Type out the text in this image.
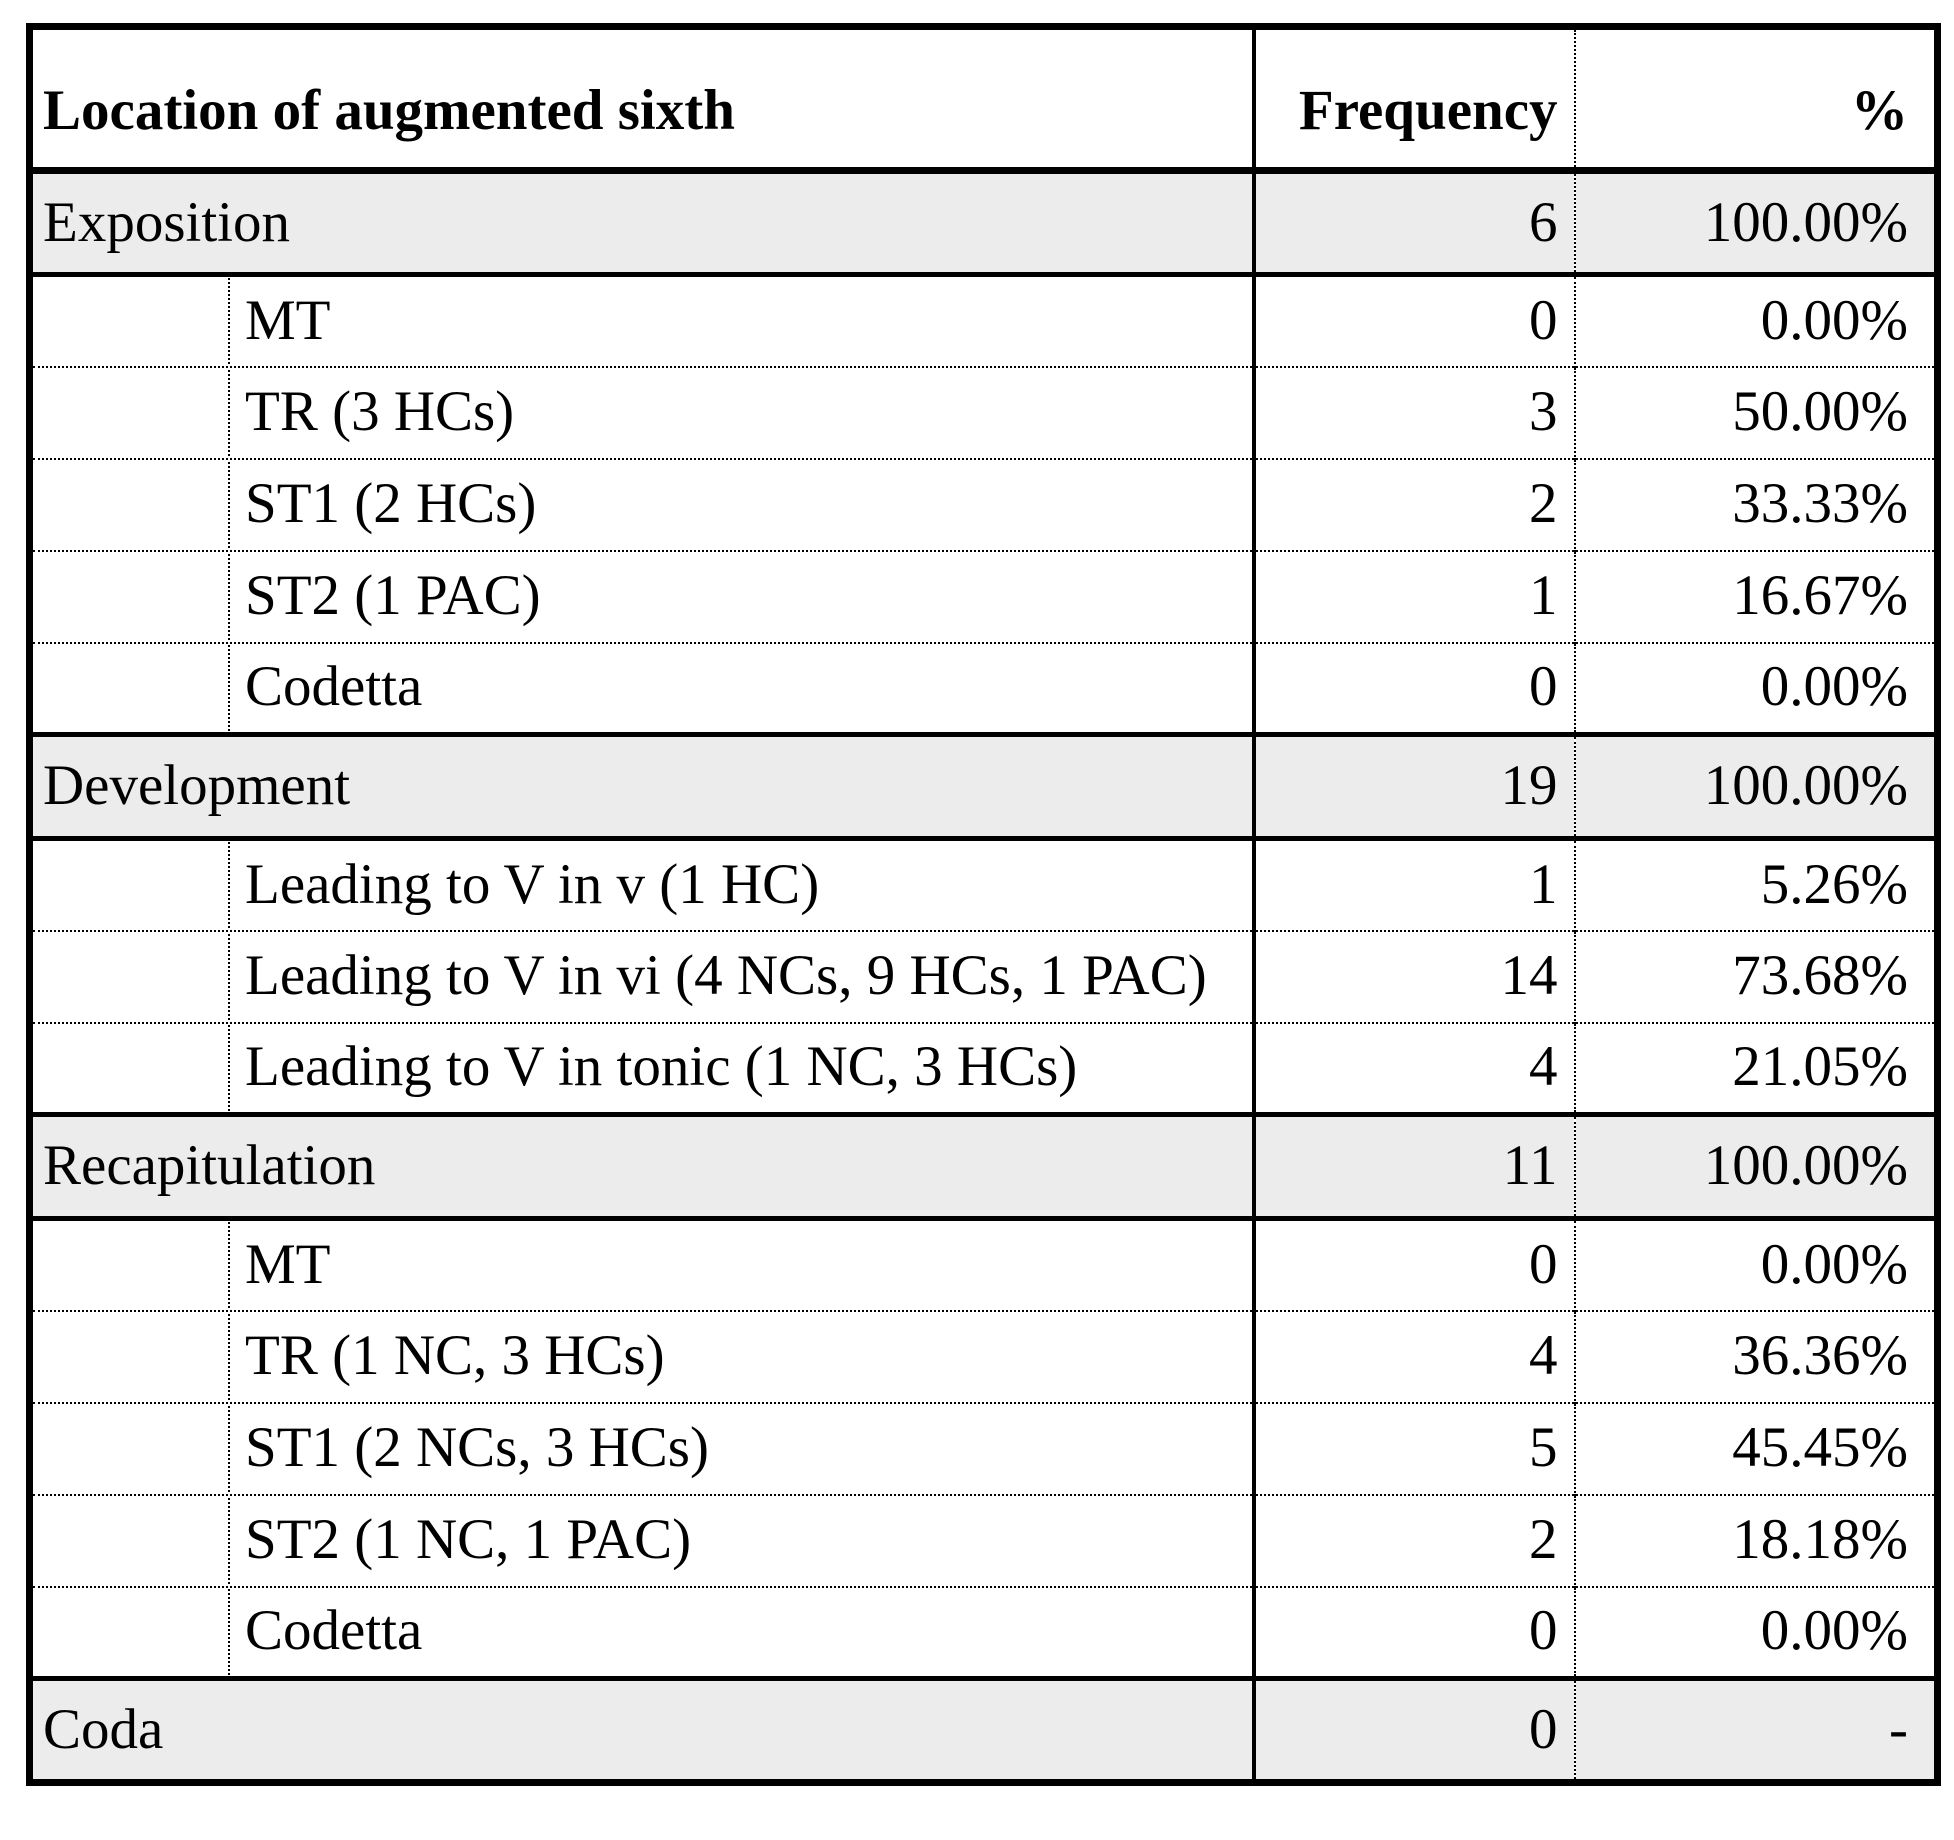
Location of augmented sixth	Frequency	%
Exposition	6	100.00%

MT	0	0.00%

TR (3 HCs)	3	50.00%

ST1 (2 HCs)	2	33.33%

ST2 (1 PAC)	1	16.67%

Codetta	0	0.00%
Development	19	100.00%

Leading to V in v (1 HC)	1	5.26%

Leading to V in vi (4 NCs, 9 HCs, 1 PAC)	14	73.68%

Leading to V in tonic (1 NC, 3 HCs)	4	21.05%
Recapitulation	11	100.00%

MT	0	0.00%

TR (1 NC, 3 HCs)	4	36.36%

ST1 (2 NCs, 3 HCs)	5	45.45%

ST2 (1 NC, 1 PAC)	2	18.18%

Codetta	0	0.00%
Coda	0	-
